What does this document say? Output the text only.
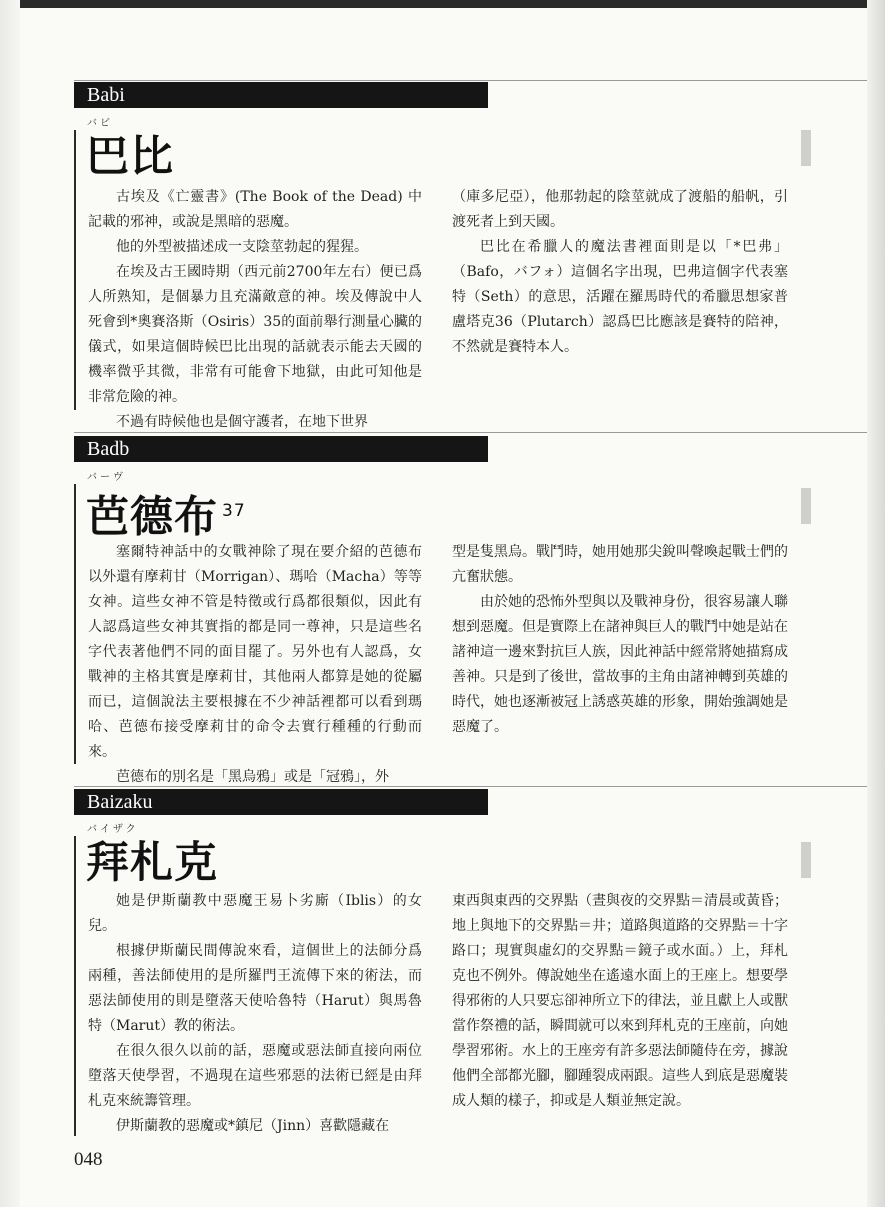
Babi
バビ
巴比

古埃及《亡靈書》(The Book of the Dead) 中記載的邪神，或說是黑暗的惡魔。

他的外型被描述成一支陰莖勃起的猩猩。

在埃及古王國時期（西元前2700年左右）便已爲人所熟知，是個暴力且充滿敵意的神。埃及傳說中人死會到*奧賽洛斯（Osiris）35的面前舉行測量心臟的儀式，如果這個時候巴比出現的話就表示能去天國的機率微乎其微，非常有可能會下地獄，由此可知他是非常危險的神。

不過有時候他也是個守護者，在地下世界

（庫多尼亞），他那勃起的陰莖就成了渡船的船帆，引渡死者上到天國。

巴比在希臘人的魔法書裡面則是以「*巴弗」（Bafo，バフォ）這個名字出現，巴弗這個字代表塞特（Seth）的意思，活躍在羅馬時代的希臘思想家普盧塔克36（Plutarch）認爲巴比應該是賽特的陪神，不然就是賽特本人。

Badb
バーヴ
芭德布 $^{37}$

塞爾特神話中的女戰神除了現在要介紹的芭德布以外還有摩莉甘（Morrigan）、瑪哈（Macha）等等女神。這些女神不管是特徵或行爲都很類似，因此有人認爲這些女神其實指的都是同一尊神，只是這些名字代表著他們不同的面目罷了。另外也有人認爲，女戰神的主格其實是摩莉甘，其他兩人都算是她的從屬而已，這個說法主要根據在不少神話裡都可以看到瑪哈、芭德布接受摩莉甘的命令去實行種種的行動而來。

芭德布的別名是「黑烏鴉」或是「冠鴉」，外

型是隻黑烏。戰鬥時，她用她那尖銳叫聲喚起戰士們的亢奮狀態。

由於她的恐怖外型與以及戰神身份，很容易讓人聯想到惡魔。但是實際上在諸神與巨人的戰鬥中她是站在諸神這一邊來對抗巨人族，因此神話中經常將她描寫成善神。只是到了後世，當故事的主角由諸神轉到英雄的時代，她也逐漸被冠上誘惑英雄的形象，開始強調她是惡魔了。

Baizaku
バイザク
拜札克

她是伊斯蘭教中惡魔王易卜劣廝（Iblis）的女兒。

根據伊斯蘭民間傳說來看，這個世上的法師分爲兩種，善法師使用的是所羅門王流傳下來的術法，而惡法師使用的則是墮落天使哈魯特（Harut）與馬魯特（Marut）教的術法。

在很久很久以前的話，惡魔或惡法師直接向兩位墮落天使學習，不過現在這些邪惡的法術已經是由拜札克來統籌管理。

伊斯蘭教的惡魔或*鎮尼（Jinn）喜歡隱藏在

東西與東西的交界點（晝與夜的交界點＝清晨或黃昏；地上與地下的交界點＝井；道路與道路的交界點＝十字路口；現實與虛幻的交界點＝鏡子或水面。）上，拜札克也不例外。傳說她坐在遙遠水面上的王座上。想要學得邪術的人只要忘卻神所立下的律法，並且獻上人或獸當作祭禮的話，瞬間就可以來到拜札克的王座前，向她學習邪術。水上的王座旁有許多惡法師隨侍在旁，據說他們全部都光腳，腳踵裂成兩跟。這些人到底是惡魔裝成人類的樣子，抑或是人類並無定說。

048
